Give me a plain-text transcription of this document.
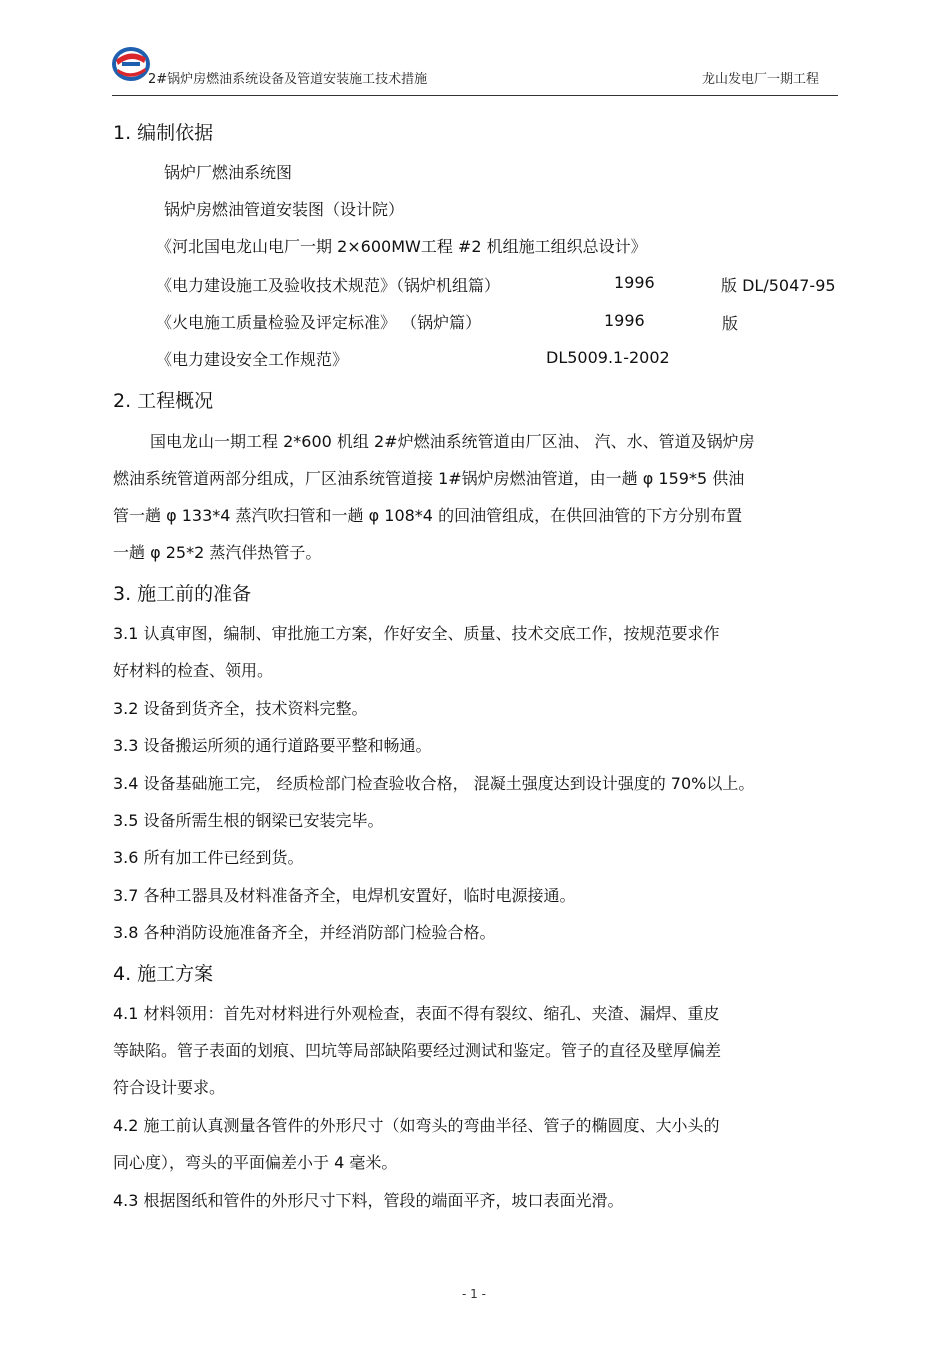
2#锅炉房燃油系统设备及管道安装施工技术措施	龙山发电厂一期工程
1. 编制依据
锅炉厂燃油系统图
锅炉房燃油管道安装图（设计院）
《河北国电龙山电厂一期 2×600MW工程 #2 机组施工组织总设计》
《电力建设施工及验收技术规范》（锅炉机组篇）	1996	版 DL/5047-95
《火电施工质量检验及评定标准》 （锅炉篇）	1996	版
《电力建设安全工作规范》	DL5009.1-2002
2. 工程概况
国电龙山一期工程 2*600 机组 2#炉燃油系统管道由厂区油、 汽、水、管道及锅炉房
燃油系统管道两部分组成，厂区油系统管道接 1#锅炉房燃油管道，由一趟 φ 159*5 供油
管一趟 φ 133*4 蒸汽吹扫管和一趟 φ 108*4 的回油管组成，在供回油管的下方分别布置
一趟 φ 25*2 蒸汽伴热管子。
3. 施工前的准备
3.1 认真审图，编制、审批施工方案，作好安全、质量、技术交底工作，按规范要求作
好材料的检查、领用。
3.2 设备到货齐全，技术资料完整。
3.3 设备搬运所须的通行道路要平整和畅通。
3.4 设备基础施工完， 经质检部门检查验收合格， 混凝土强度达到设计强度的 70%以上。
3.5 设备所需生根的钢梁已安装完毕。
3.6 所有加工件已经到货。
3.7 各种工器具及材料准备齐全，电焊机安置好，临时电源接通。
3.8 各种消防设施准备齐全，并经消防部门检验合格。
4. 施工方案
4.1 材料领用：首先对材料进行外观检查，表面不得有裂纹、缩孔、夹渣、漏焊、重皮
等缺陷。管子表面的划痕、凹坑等局部缺陷要经过测试和鉴定。管子的直径及壁厚偏差
符合设计要求。
4.2 施工前认真测量各管件的外形尺寸（如弯头的弯曲半径、管子的椭圆度、大小头的
同心度），弯头的平面偏差小于 4 毫米。
4.3 根据图纸和管件的外形尺寸下料，管段的端面平齐，坡口表面光滑。
- 1 -
